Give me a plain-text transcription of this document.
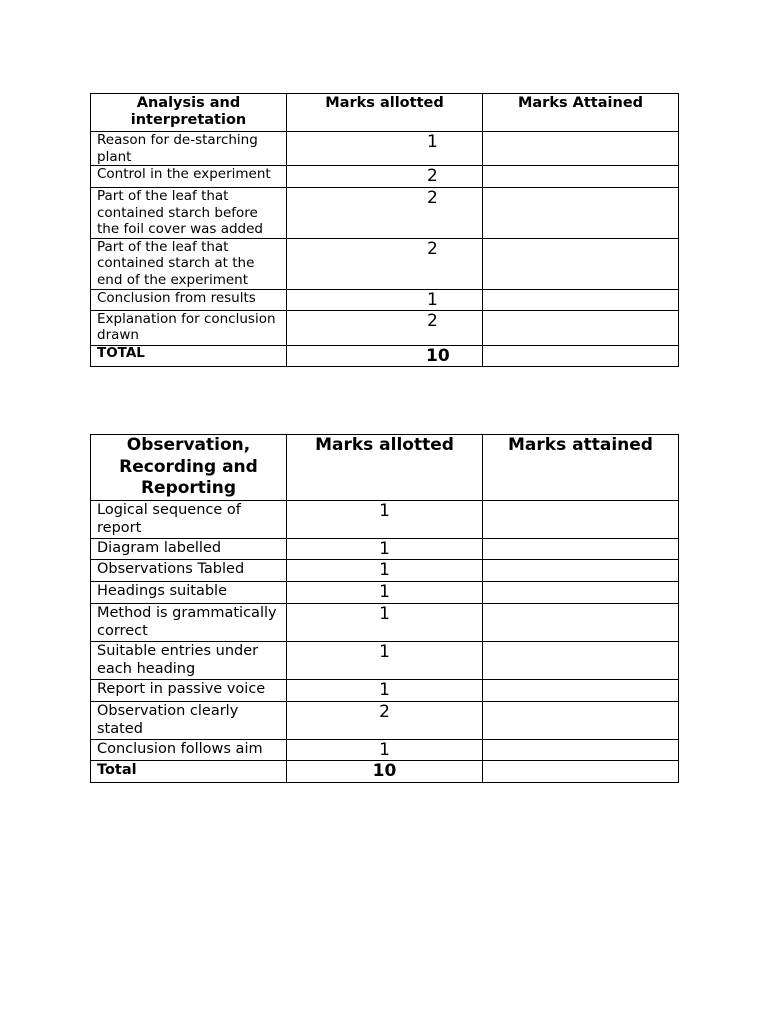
Analysis and interpretation	Marks allotted	Marks Attained
Reason for de-starching plant	1	
Control in the experiment	2	
Part of the leaf that contained starch before the foil cover was added	2	
Part of the leaf that contained starch at the end of the experiment	2	
Conclusion from results	1	
Explanation for conclusion drawn	2	
TOTAL	10	
Observation, Recording and Reporting	Marks allotted	Marks attained
Logical sequence of report	1	
Diagram labelled	1	
Observations Tabled	1	
Headings suitable	1	
Method is grammatically correct	1	
Suitable entries under each heading	1	
Report in passive voice	1	
Observation clearly stated	2	
Conclusion follows aim	1	
Total	10	
